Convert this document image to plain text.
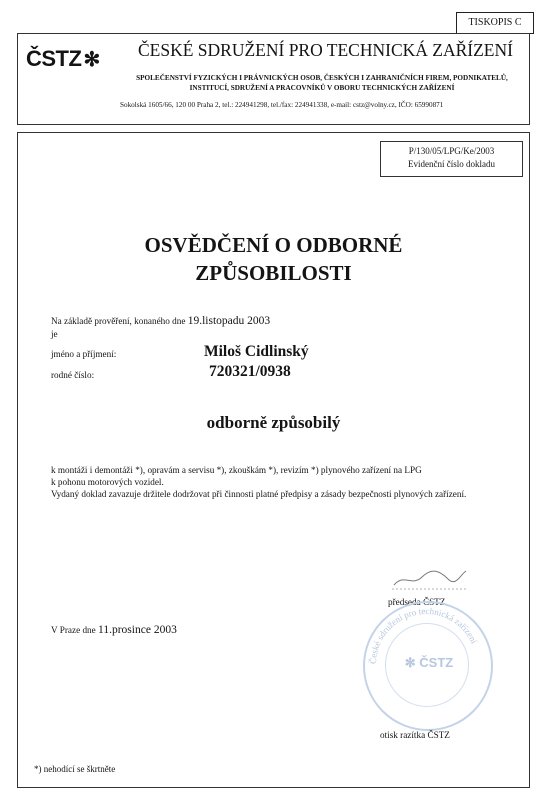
TISKOPIS C
ČSTZ ✻ ČESKÉ SDRUŽENÍ PRO TECHNICKÁ ZAŘÍZENÍ
SPOLEČENSTVÍ FYZICKÝCH I PRÁVNICKÝCH OSOB, ČESKÝCH I ZAHRANIČNÍCH FIREM, PODNIKATELŮ,
INSTITUCÍ, SDRUŽENÍ A PRACOVNÍKŮ V OBORU TECHNICKÝCH ZAŘÍZENÍ
Sokolská 1605/66, 120 00 Praha 2, tel.: 224941298, tel./fax: 224941338, e-mail: cstz@volny.cz, IČO: 65990871
P/130/05/LPG/Ke/2003
Evidenční číslo dokladu
OSVĚDČENÍ O ODBORNÉ
ZPŮSOBILOSTI
Na základě prověření, konaného dne 19.listopadu 2003
je
jméno a příjmení:	Miloš Cidlinský
rodné číslo:	720321/0938
odborně způsobilý
k montáži i demontáži *), opravám a servisu *), zkouškám *), revizím *) plynového zařízení na LPG
k pohonu motorových vozidel.
Vydaný doklad zavazuje držitele dodržovat při činnosti platné předpisy a zásady bezpečnosti plynových zařízení.
předseda ČSTZ
V Praze dne 11.prosince 2003
České sdružení pro technická zařízení
✻ ČSTZ
otisk razítka ČSTZ
*) nehodící se škrtněte
